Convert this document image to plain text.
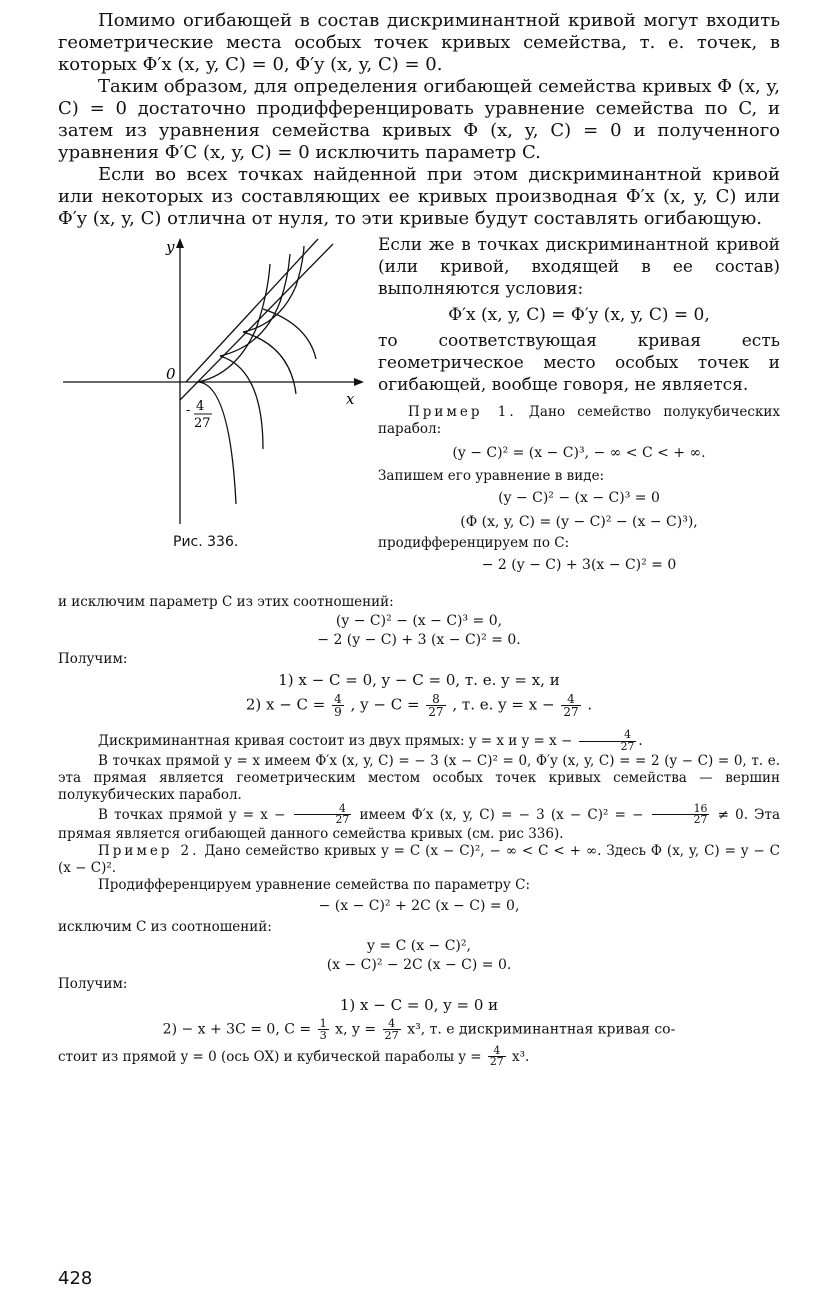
Помимо огибающей в состав дискриминантной кривой могут входить геометрические места особых точек кривых семейства, т. е. точек, в которых Φ′x (x, y, C) = 0, Φ′y (x, y, C) = 0.

Таким образом, для определения огибающей семейства кривых Φ (x, y, C) = 0 достаточно продифференцировать уравнение семейства по C, и затем из уравнения семейства кривых Φ (x, y, C) = 0 и полученного уравнения Φ′C (x, y, C) = 0 исключить параметр C.

Если во всех точках найденной при этом дискриминантной кривой или некоторых из составляющих ее кривых производная Φ′x (x, y, C) или Φ′y (x, y, C) отлична от нуля, то эти кривые будут составлять огибающую.

y
x
0
- 4
27
Рис. 336.

Если же в точках дискриминантной кривой (или кривой, входящей в ее состав) выполняются условия:

Φ′x (x, y, C) = Φ′y (x, y, C) = 0,

то соответствующая кривая есть геометрическое место особых точек и огибающей, вообще говоря, не является.

Пример 1. Дано семейство полукубических парабол:

(y − C)² = (x − C)³, − ∞ < C < + ∞.

Запишем его уравнение в виде:

(y − C)² − (x − C)³ = 0
(Φ (x, y, C) = (y − C)² − (x − C)³),

продифференцируем по C:

− 2 (y − C) + 3(x − C)² = 0

и исключим параметр C из этих соотношений:

(y − C)² − (x − C)³ = 0,
− 2 (y − C) + 3 (x − C)² = 0.

Получим:

1) x − C = 0, y − C = 0, т. е. y = x, и
2) $x - C = \frac{4}{9}$ , $y - C = \frac{8}{27}$ , т. е. $y = x - \frac{4}{27}$ .

Дискриминантная кривая состоит из двух прямых: y = x и $y = x - \frac{4}{27}$ .

В точках прямой y = x имеем Φ′x (x, y, C) = − 3 (x − C)² = 0, Φ′y (x, y, C) = = 2 (y − C) = 0, т. е. эта прямая является геометрическим местом особых точек кривых семейства — вершин полукубических парабол.

В точках прямой $y = x - \frac{4}{27}$ имеем Φ′x (x, y, C) = − 3 (x − C)² = − $\frac{16}{27} \ne 0$. Эта прямая является огибающей данного семейства кривых (см. рис 336).

Пример 2. Дано семейство кривых y = C (x − C)², − ∞ < C < + ∞. Здесь Φ (x, y, C) = y − C (x − C)².

Продифференцируем уравнение семейства по параметру C:

− (x − C)² + 2C (x − C) = 0,

исключим C из соотношений:

y = C (x − C)²,
(x − C)² − 2C (x − C) = 0.

Получим:

1) x − C = 0, y = 0 и
2) − x + 3C = 0, $C = \frac{1}{3} x$, $y = \frac{4}{27} x^3$, т. е дискриминантная кривая со-

стоит из прямой y = 0 (ось OX) и кубической параболы $y = \frac{4}{27} x^3$.

428
